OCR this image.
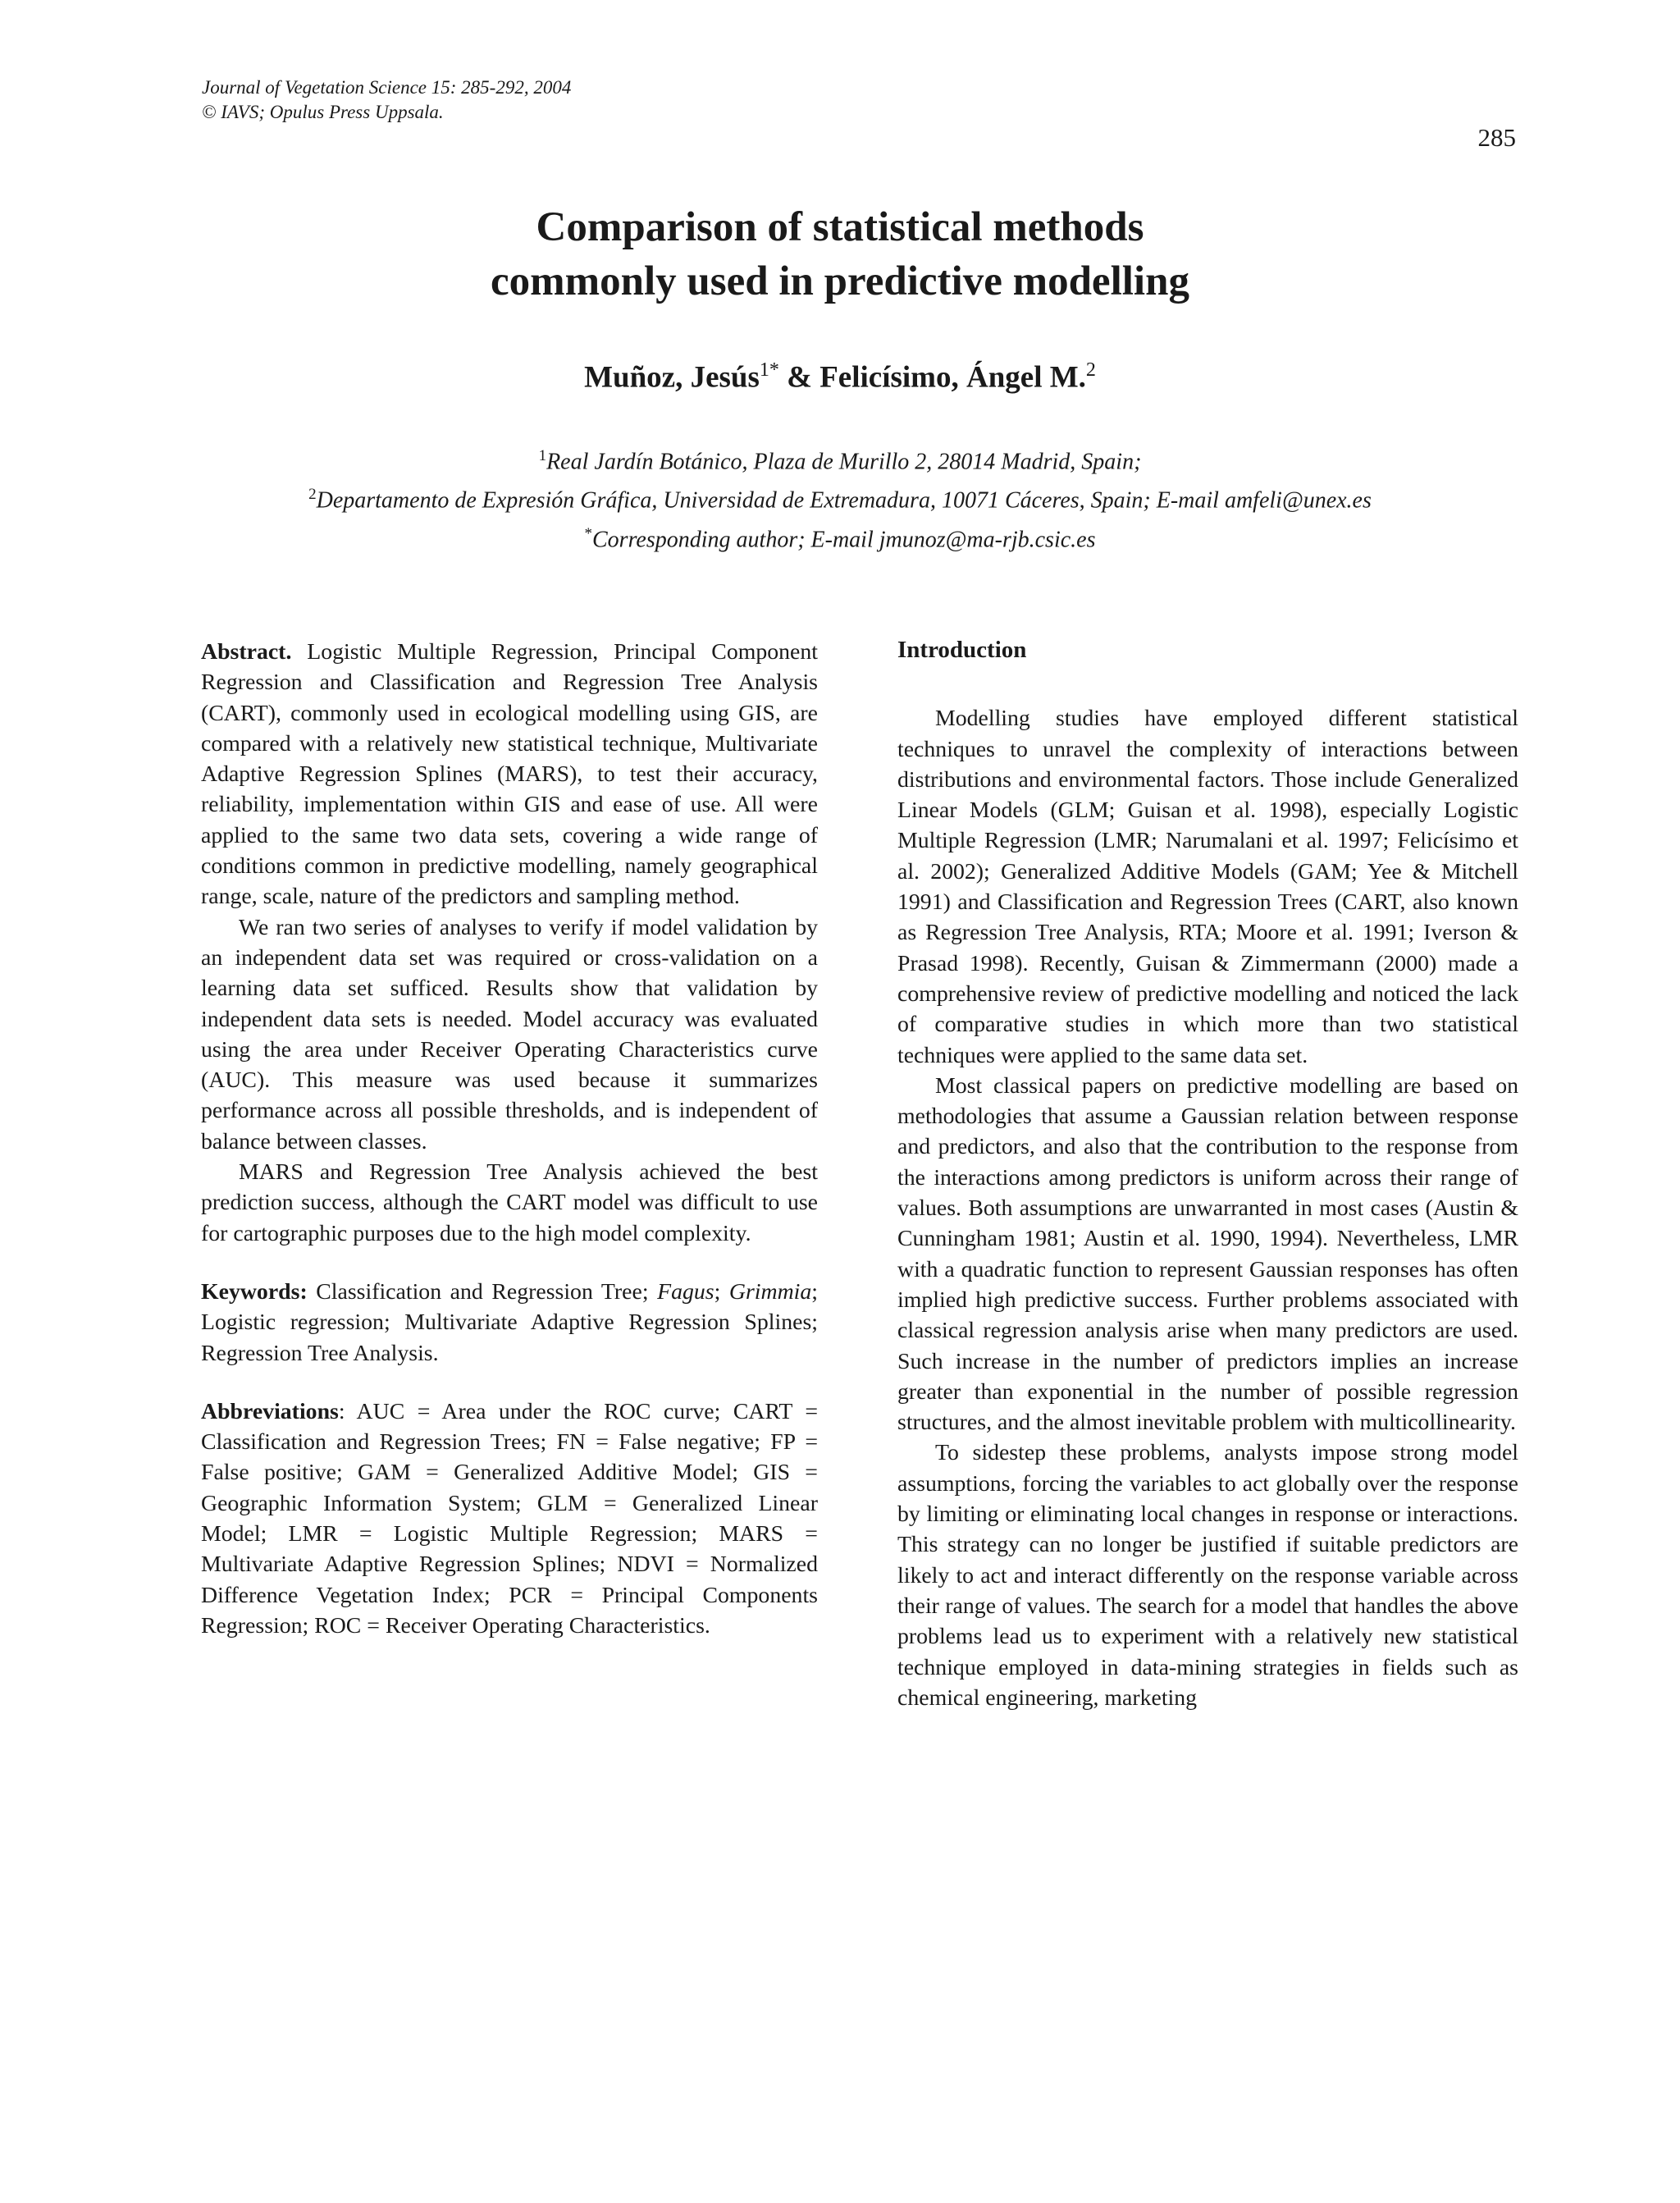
Journal of Vegetation Science 15: 285-292, 2004
© IAVS; Opulus Press Uppsala.
285
Comparison of statistical methods
commonly used in predictive modelling
Muñoz, Jesús$^{1*}$ & Felicísimo, Ángel M.$^2$
$^1$Real Jardín Botánico, Plaza de Murillo 2, 28014 Madrid, Spain;
$^2$Departamento de Expresión Gráfica, Universidad de Extremadura, 10071 Cáceres, Spain; E-mail amfeli@unex.es
*Corresponding author; E-mail jmunoz@ma-rjb.csic.es

Abstract. Logistic Multiple Regression, Principal Component Regression and Classification and Regression Tree Analysis (CART), commonly used in ecological modelling using GIS, are compared with a relatively new statistical technique, Multivariate Adaptive Regression Splines (MARS), to test their accuracy, reliability, implementation within GIS and ease of use. All were applied to the same two data sets, covering a wide range of conditions common in predictive modelling, namely geographical range, scale, nature of the predictors and sampling method.

We ran two series of analyses to verify if model validation by an independent data set was required or cross-validation on a learning data set sufficed. Results show that validation by independent data sets is needed. Model accuracy was evaluated using the area under Receiver Operating Characteristics curve (AUC). This measure was used because it summarizes performance across all possible thresholds, and is independent of balance between classes.

MARS and Regression Tree Analysis achieved the best prediction success, although the CART model was difficult to use for cartographic purposes due to the high model complexity.

Keywords: Classification and Regression Tree; Fagus; Grimmia; Logistic regression; Multivariate Adaptive Regression Splines; Regression Tree Analysis.

Abbreviations: AUC = Area under the ROC curve; CART = Classification and Regression Trees; FN = False negative; FP = False positive; GAM = Generalized Additive Model; GIS = Geographic Information System; GLM = Generalized Linear Model; LMR = Logistic Multiple Regression; MARS = Multivariate Adaptive Regression Splines; NDVI = Normalized Difference Vegetation Index; PCR = Principal Components Regression; ROC = Receiver Operating Characteristics.

Introduction

Modelling studies have employed different statistical techniques to unravel the complexity of interactions between distributions and environmental factors. Those include Generalized Linear Models (GLM; Guisan et al. 1998), especially Logistic Multiple Regression (LMR; Narumalani et al. 1997; Felicísimo et al. 2002); Generalized Additive Models (GAM; Yee & Mitchell 1991) and Classification and Regression Trees (CART, also known as Regression Tree Analysis, RTA; Moore et al. 1991; Iverson & Prasad 1998). Recently, Guisan & Zimmermann (2000) made a comprehensive review of predictive modelling and noticed the lack of comparative studies in which more than two statistical techniques were applied to the same data set.

Most classical papers on predictive modelling are based on methodologies that assume a Gaussian relation between response and predictors, and also that the contribution to the response from the interactions among predictors is uniform across their range of values. Both assumptions are unwarranted in most cases (Austin & Cunningham 1981; Austin et al. 1990, 1994). Nevertheless, LMR with a quadratic function to represent Gaussian responses has often implied high predictive success. Further problems associated with classical regression analysis arise when many predictors are used. Such increase in the number of predictors implies an increase greater than exponential in the number of possible regression structures, and the almost inevitable problem with multicollinearity.

To sidestep these problems, analysts impose strong model assumptions, forcing the variables to act globally over the response by limiting or eliminating local changes in response or interactions. This strategy can no longer be justified if suitable predictors are likely to act and interact differently on the response variable across their range of values. The search for a model that handles the above problems lead us to experiment with a relatively new statistical technique employed in data-mining strategies in fields such as chemical engineering, marketing
